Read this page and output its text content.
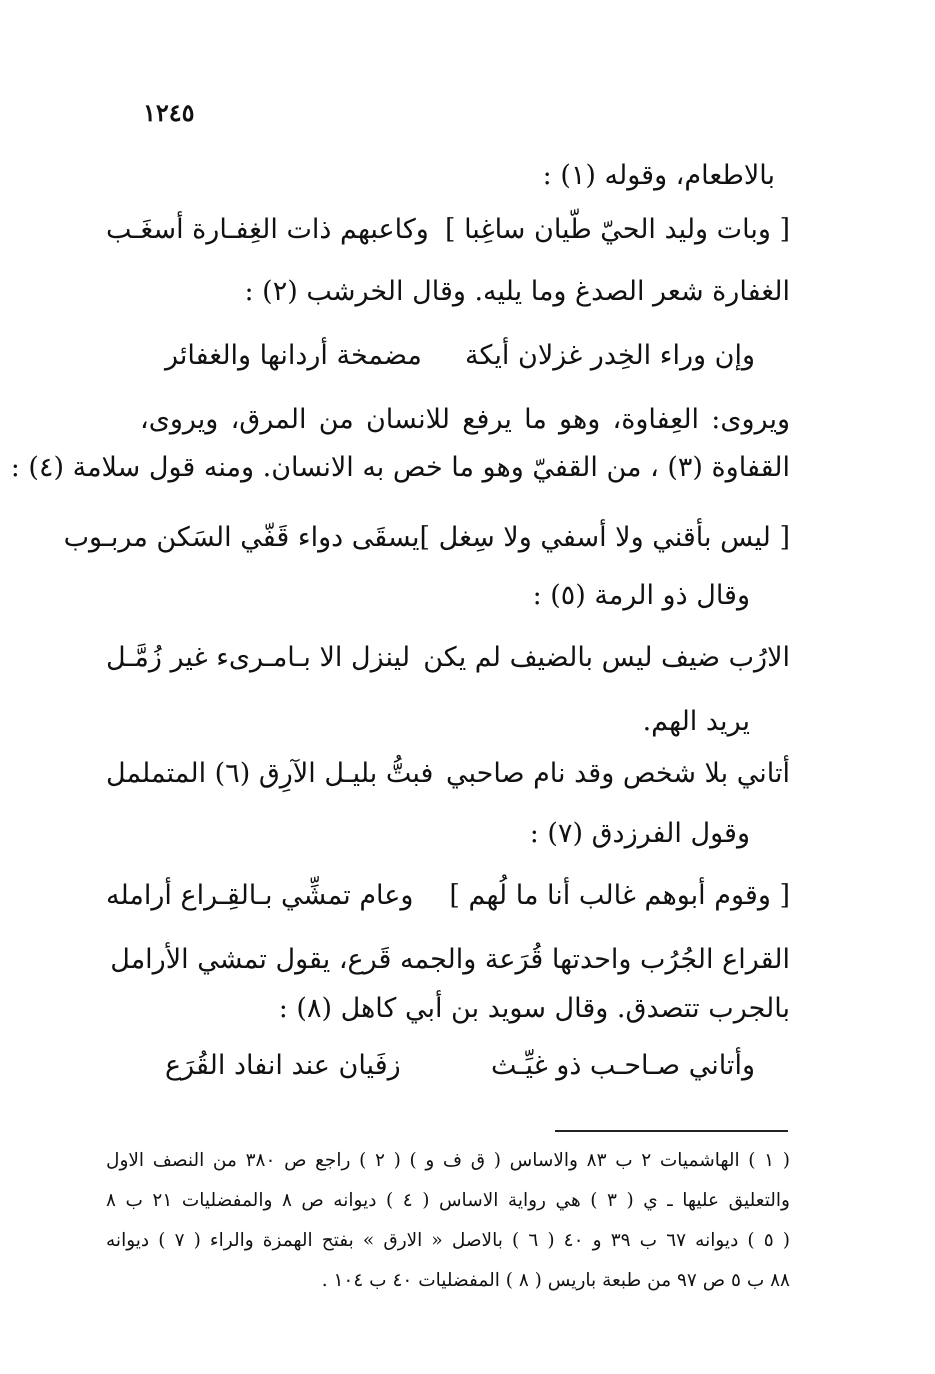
١٢٤٥
بالاطعام، وقوله (١) :
[ وبات وليد الحيّ طّيان ساغِبا ]
وكاعبهم ذات الغِفـارة أسغَـب
الغفارة شعر الصدغ وما يليه. وقال الخرشب (٢) :
وإن وراء الخِدر غزلان أيكة
مضمخة أردانها والغفائر
ويروى: العِفاوة، وهو ما يرفع للانسان من المرق، ويروى،
القفاوة (٣) ، من القفيّ وهو ما خص به الانسان. ومنه قول سلامة (٤) :
[ ليس بأقني ولا أسفي ولا سِغل ]
يسقَى دواء قَفّي السَكن مربـوب
وقال ذو الرمة (٥) :
الارُب ضيف ليس بالضيف لم يكن
لينزل الا بـامـرىء غير زُمَّـل
يريد الهم.
أتاني بلا شخص وقد نام صاحبي
فبتُّ بليـل الآرِق (٦) المتململ
وقول الفرزدق (٧) :
[ وقوم أبوهم غالب أنا ما لُهم ]
وعام تمشِّي بـالقِـراع أرامله
القراع الجُرُب واحدتها قُرَعة والجمه قَرع، يقول تمشي الأرامل
بالجرب تتصدق. وقال سويد بن أبي كاهل (٨) :
وأتاني صـاحـب ذو غيِّـث
زفَيان عند انفاد القُرَع
( ١ ) الهاشميات ٢ ب ٨٣ والاساس ( ق ف و ) ( ٢ ) راجع ص ٣٨٠ من النصف الاول
والتعليق عليها ـ ي ( ٣ ) هي رواية الاساس ( ٤ ) ديوانه ص ٨ والمفضليات ٢١ ب ٨
( ٥ ) ديوانه ٦٧ ب ٣٩ و ٤٠ ( ٦ ) بالاصل « الارق » بفتح الهمزة والراء ( ٧ ) ديوانه
٨٨ ب ٥ ص ٩٧ من طبعة باريس ( ٨ ) المفضليات ٤٠ ب ١٠٤ .
